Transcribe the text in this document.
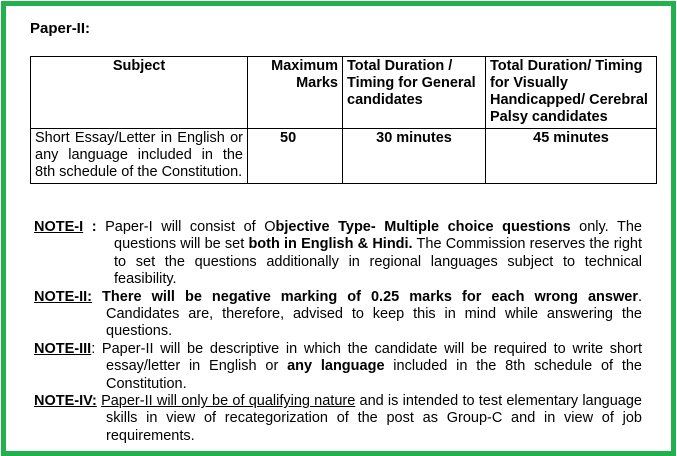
Paper-II:
Subject	Maximum Marks	Total Duration / Timing for General candidates	Total Duration/ Timing for Visually Handicapped/ Cerebral Palsy candidates
Short Essay/Letter in English or any language included in the 8th schedule of the Constitution.	50	30 minutes	45 minutes
NOTE-I : Paper-I will consist of Objective Type- Multiple choice questions only. The questions will be set both in English & Hindi. The Commission reserves the right to set the questions additionally in regional languages subject to technical feasibility.
NOTE-II: There will be negative marking of 0.25 marks for each wrong answer. Candidates are, therefore, advised to keep this in mind while answering the questions.
NOTE-III: Paper-II will be descriptive in which the candidate will be required to write short essay/letter in English or any language included in the 8th schedule of the Constitution.
NOTE-IV: Paper-II will only be of qualifying nature and is intended to test elementary language skills in view of recategorization of the post as Group-C and in view of job requirements.
